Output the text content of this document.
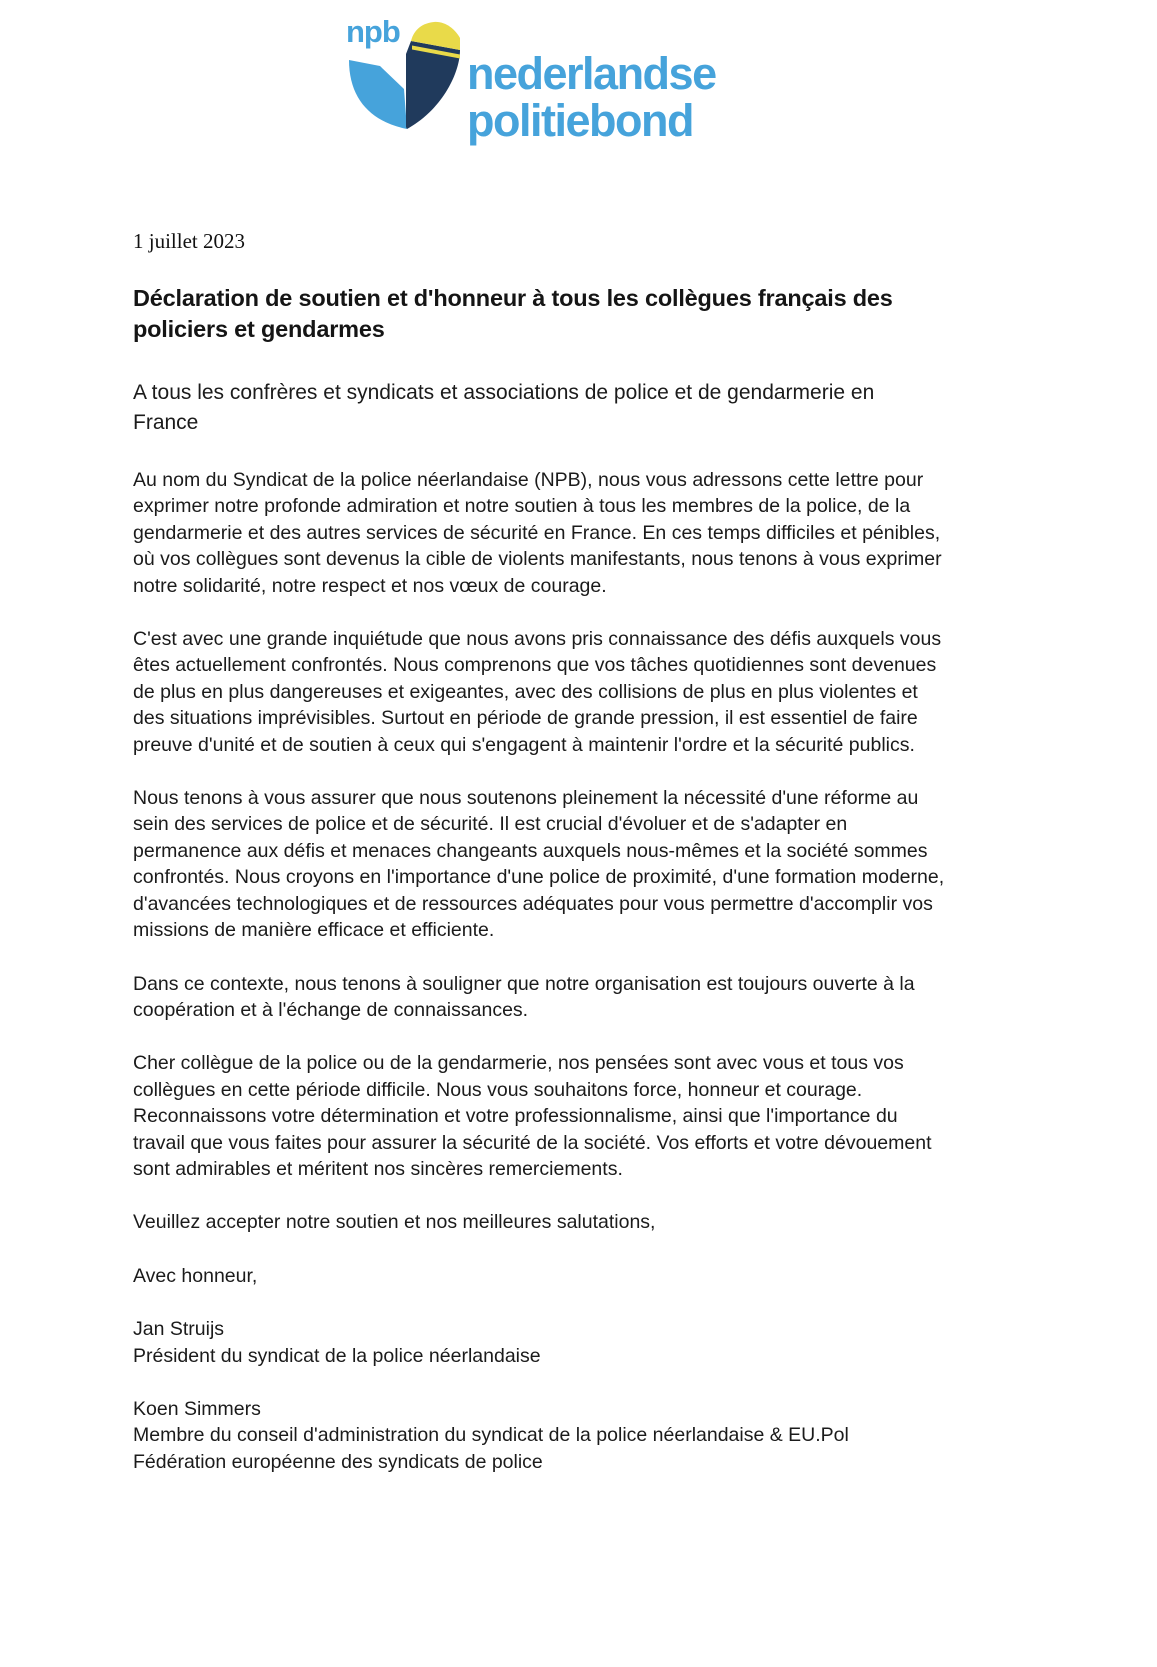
npb
nederlandse
politiebond

1 juillet 2023

Déclaration de soutien et d'honneur à tous les collègues français des policiers et gendarmes

A tous les confrères et syndicats et associations de police et de gendarmerie en France

Au nom du Syndicat de la police néerlandaise (NPB), nous vous adressons cette lettre pour exprimer notre profonde admiration et notre soutien à tous les membres de la police, de la gendarmerie et des autres services de sécurité en France. En ces temps difficiles et pénibles, où vos collègues sont devenus la cible de violents manifestants, nous tenons à vous exprimer notre solidarité, notre respect et nos vœux de courage.

C'est avec une grande inquiétude que nous avons pris connaissance des défis auxquels vous êtes actuellement confrontés. Nous comprenons que vos tâches quotidiennes sont devenues de plus en plus dangereuses et exigeantes, avec des collisions de plus en plus violentes et des situations imprévisibles. Surtout en période de grande pression, il est essentiel de faire preuve d'unité et de soutien à ceux qui s'engagent à maintenir l'ordre et la sécurité publics.

Nous tenons à vous assurer que nous soutenons pleinement la nécessité d'une réforme au sein des services de police et de sécurité. Il est crucial d'évoluer et de s'adapter en permanence aux défis et menaces changeants auxquels nous-mêmes et la société sommes confrontés. Nous croyons en l'importance d'une police de proximité, d'une formation moderne, d'avancées technologiques et de ressources adéquates pour vous permettre d'accomplir vos missions de manière efficace et efficiente.

Dans ce contexte, nous tenons à souligner que notre organisation est toujours ouverte à la coopération et à l'échange de connaissances.

Cher collègue de la police ou de la gendarmerie, nos pensées sont avec vous et tous vos collègues en cette période difficile. Nous vous souhaitons force, honneur et courage. Reconnaissons votre détermination et votre professionnalisme, ainsi que l'importance du travail que vous faites pour assurer la sécurité de la société. Vos efforts et votre dévouement sont admirables et méritent nos sincères remerciements.

Veuillez accepter notre soutien et nos meilleures salutations,

Avec honneur,

Jan Struijs
Président du syndicat de la police néerlandaise
Koen Simmers
Membre du conseil d'administration du syndicat de la police néerlandaise & EU.Pol Fédération européenne des syndicats de police
